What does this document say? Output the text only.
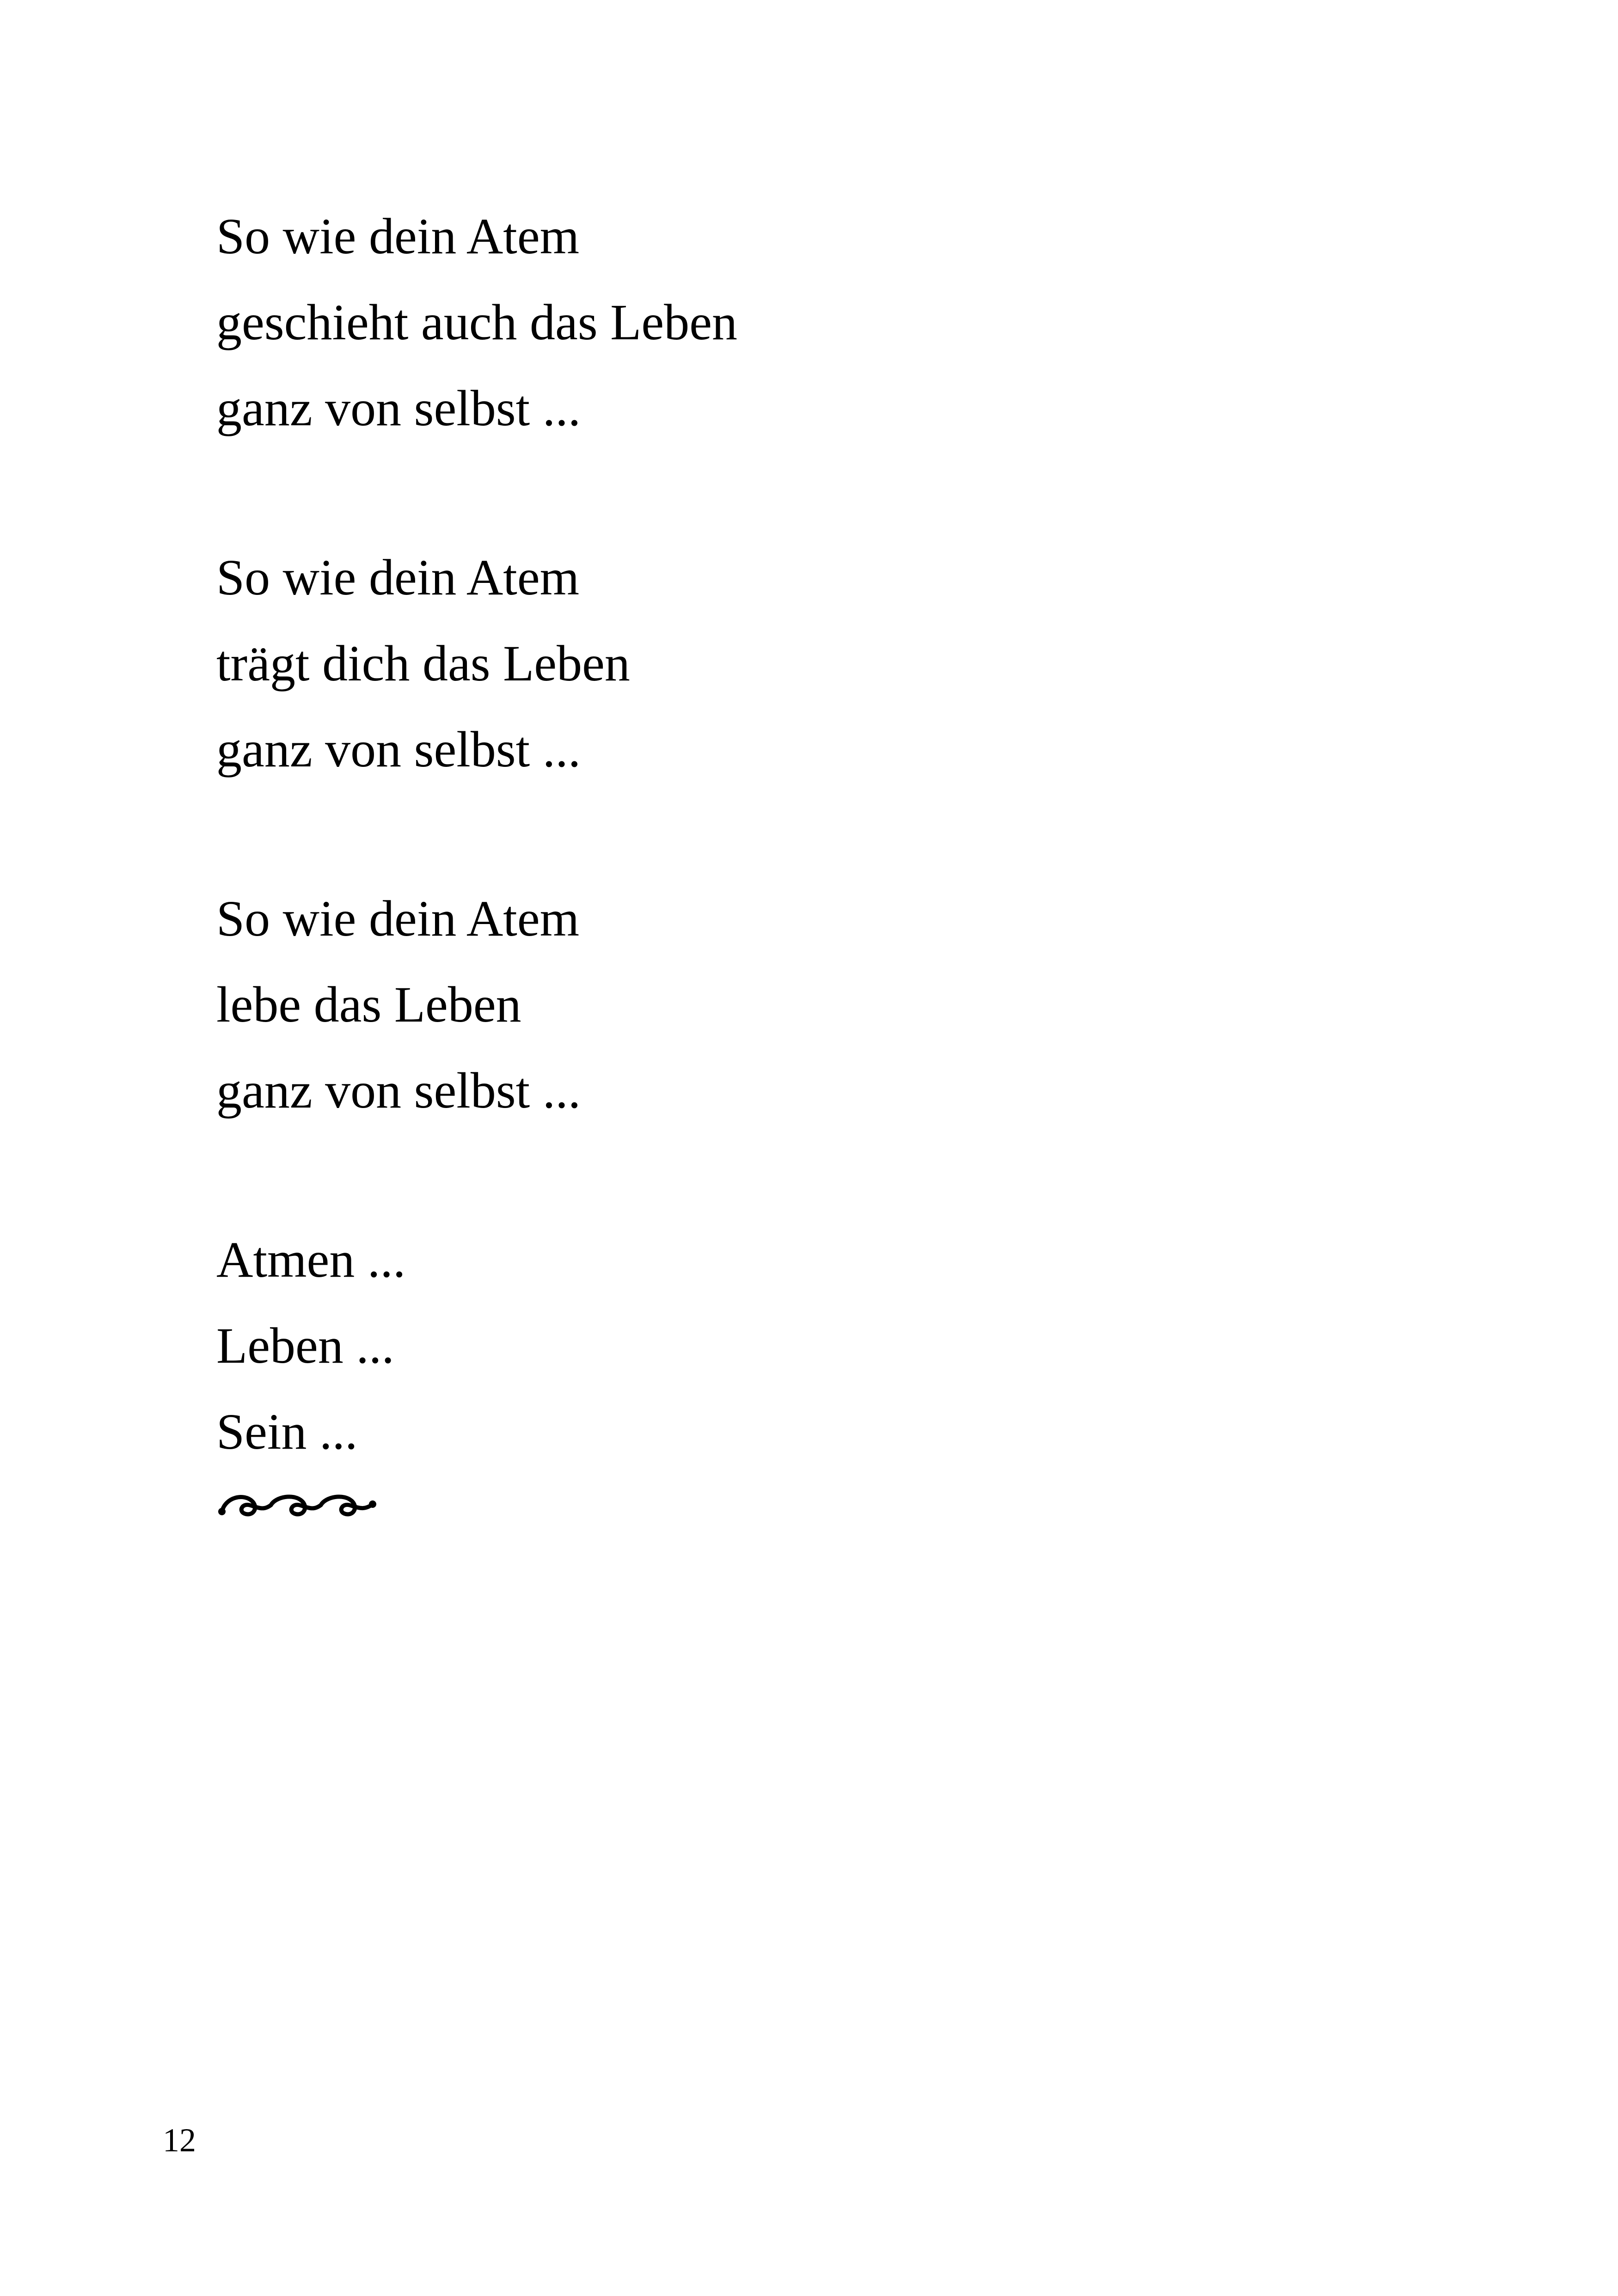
So wie dein Atem
geschieht auch das Leben
ganz von selbst ...
So wie dein Atem
trägt dich das Leben
ganz von selbst ...
So wie dein Atem
lebe das Leben
ganz von selbst ...
Atmen ...
Leben ...
Sein ...
12
